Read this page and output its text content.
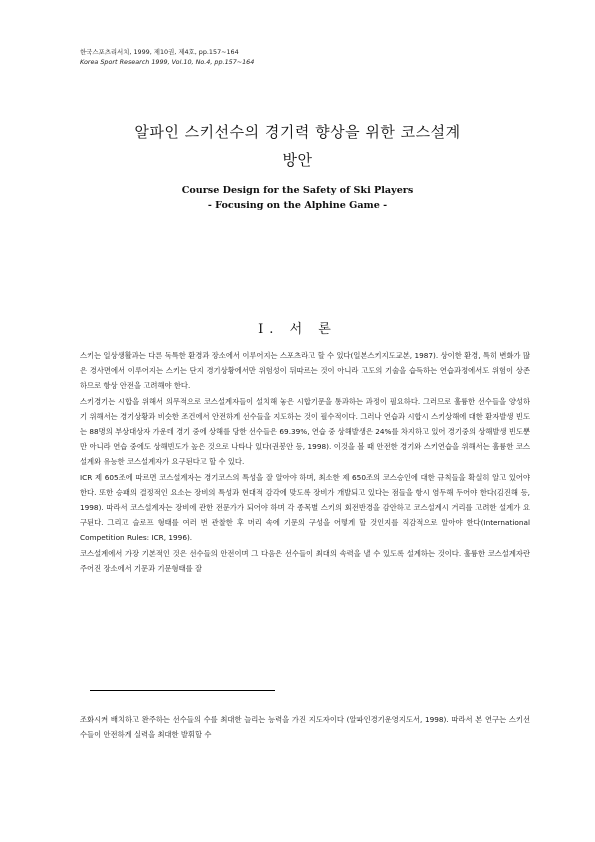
한국스포츠리서치, 1999, 제10권, 제4호, pp.157~164
Korea Sport Research 1999, Vol.10, No.4, pp.157~164
알파인 스키선수의 경기력 향상을 위한 코스설계
방안
Course Design for the Safety of Ski Players
- Focusing on the Alphine Game -
Ⅰ. 서 론

스키는 일상생활과는 다른 독특한 환경과 장소에서 이루어지는 스포츠라고 할 수 있다(일본스키지도교본, 1987). 상이한 환경, 특히 변화가 많은 경사면에서 이루어지는 스키는 단지 경기상황에서만 위험성이 뒤따르는 것이 아니라 고도의 기술을 습득하는 연습과정에서도 위험이 상존하므로 항상 안전을 고려해야 한다.

스키경기는 시합을 위해서 의무적으로 코스설계자들이 설치해 놓은 시합기문을 통과하는 과정이 필요하다. 그러므로 훌륭한 선수들을 양성하기 위해서는 경기상황과 비슷한 조건에서 안전하게 선수들을 지도하는 것이 필수적이다. 그러나 연습과 시합시 스키상해에 대한 환자발생 빈도는 88명의 부상대상자 가운데 경기 중에 상해를 당한 선수들은 69.39%, 연습 중 상해발생은 24%를 차지하고 있어 경기중의 상해발생 빈도뿐만 아니라 연습 중에도 상해빈도가 높은 것으로 나타나 있다(권봉안 등, 1998). 이것을 볼 때 안전한 경기와 스키연습을 위해서는 훌륭한 코스설계와 유능한 코스설계자가 요구된다고 할 수 있다.

ICR 제 605조에 따르면 코스설계자는 경기코스의 특성을 잘 알아야 하며, 최소한 제 650조의 코스승인에 대한 규칙들을 확실히 알고 있어야 한다. 또한 승패의 결정적인 요소는 장비의 특성과 현대적 감각에 맞도록 장비가 개발되고 있다는 점들을 항시 염두해 두어야 한다(김진해 등, 1998). 따라서 코스설계자는 장비에 관한 전문가가 되어야 하며 각 종목별 스키의 회전반경을 감안하고 코스설계시 거리를 고려한 설계가 요구된다. 그리고 슬로프 형태를 여러 번 관찰한 후 머리 속에 기문의 구성을 어떻게 할 것인지를 직감적으로 알아야 한다(International Competition Rules: ICR, 1996).

코스설계에서 가장 기본적인 것은 선수들의 안전이며 그 다음은 선수들이 최대의 속력을 낼 수 있도록 설계하는 것이다. 훌륭한 코스설계자란 주어진 장소에서 기문과 기문형태를 잘

조화시켜 배치하고 완주하는 선수들의 수를 최대한 늘리는 능력을 가진 지도자이다 (알파인경기운영지도서, 1998). 따라서 본 연구는 스키선수들이 안전하게 실력을 최대한 발휘할 수
